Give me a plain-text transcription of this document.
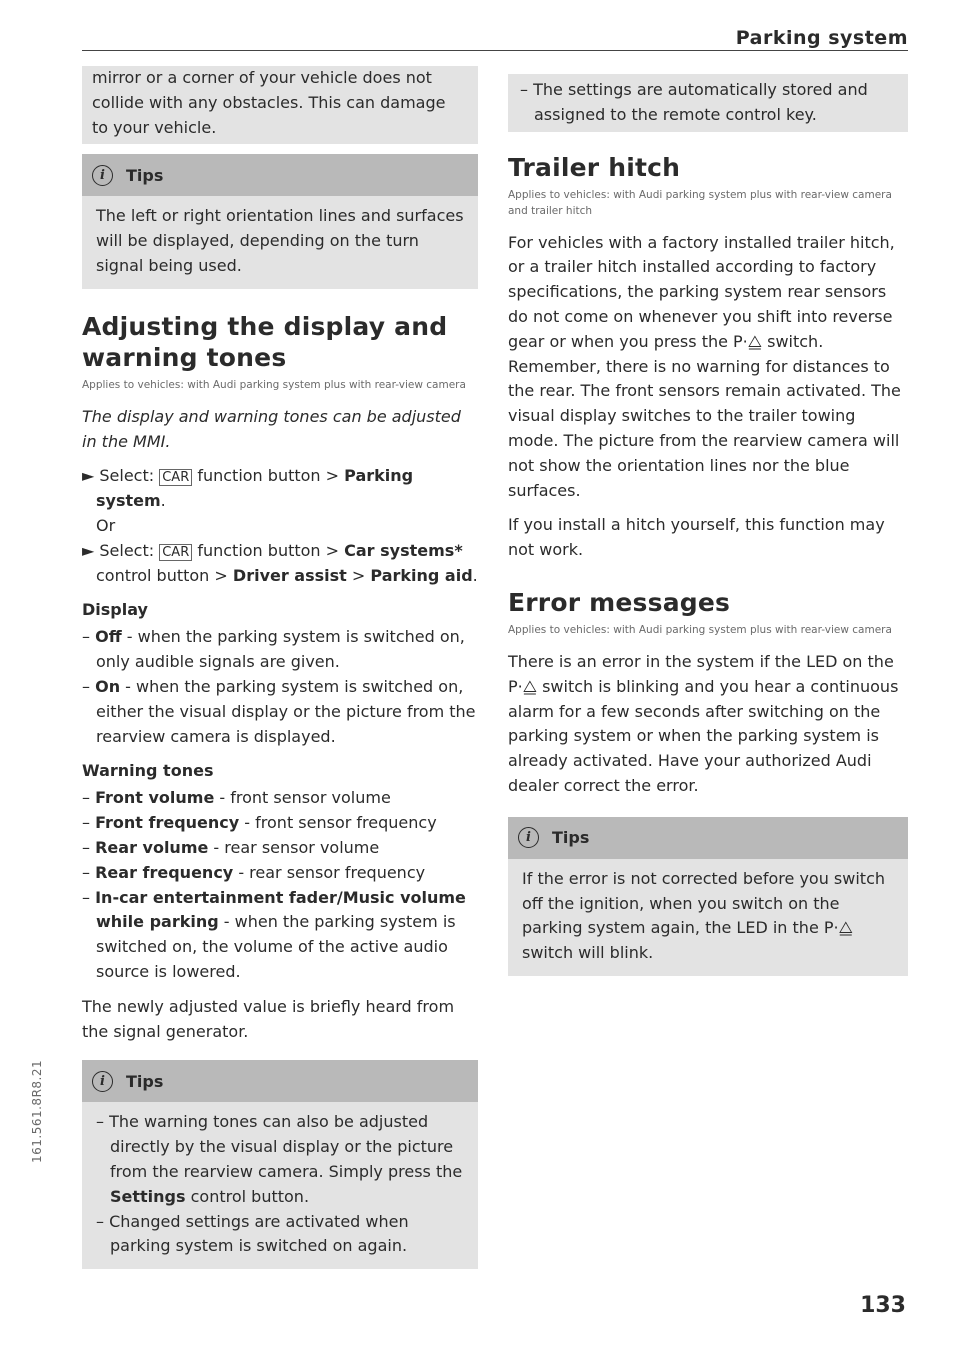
Parking system

mirror or a corner of your vehicle does not collide with any obstacles. This can damage to your vehicle.

i	Tips
The left or right orientation lines and surfaces will be displayed, depending on the turn signal being used.
Adjusting the display and warning tones
Applies to vehicles: with Audi parking system plus with rear-view camera

The display and warning tones can be adjusted in the MMI.

► Select: CAR function button > Parking system.

Or

► Select: CAR function button > Car systems* control button > Driver assist > Parking aid.

Display

– Off - when the parking system is switched on, only audible signals are given.

– On - when the parking system is switched on, either the visual display or the picture from the rearview camera is displayed.

Warning tones

– Front volume - front sensor volume

– Front frequency - front sensor frequency

– Rear volume - rear sensor volume

– Rear frequency - rear sensor frequency

– In-car entertainment fader/Music volume while parking - when the parking system is switched on, the volume of the active audio source is lowered.

The newly adjusted value is briefly heard from the signal generator.

i	Tips

– The warning tones can also be adjusted directly by the visual display or the picture from the rearview camera. Simply press the Settings control button.

– Changed settings are activated when parking system is switched on again.

– The settings are automatically stored and assigned to the remote control key.

Trailer hitch
Applies to vehicles: with Audi parking system plus with rear-view camera and trailer hitch

For vehicles with a factory installed trailer hitch, or a trailer hitch installed according to factory specifications, the parking system rear sensors do not come on whenever you shift into reverse gear or when you press the P·⧋ switch. Remember, there is no warning for distances to the rear. The front sensors remain activated. The visual display switches to the trailer towing mode. The picture from the rearview camera will not show the orientation lines nor the blue surfaces.

If you install a hitch yourself, this function may not work.

Error messages
Applies to vehicles: with Audi parking system plus with rear-view camera

There is an error in the system if the LED on the P·⧋ switch is blinking and you hear a continuous alarm for a few seconds after switching on the parking system or when the parking system is already activated. Have your authorized Audi dealer correct the error.

i	Tips
If the error is not corrected before you switch off the ignition, when you switch on the parking system again, the LED in the P·⧋ switch will blink.
133
161.561.8R8.21
